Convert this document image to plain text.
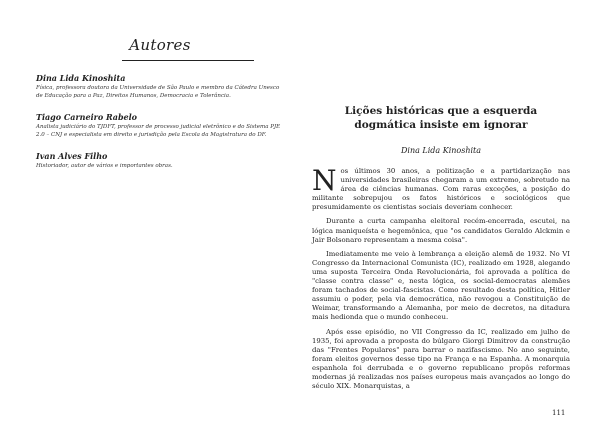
Autores
Dina Lida Kinoshita
Física, professora doutora da Universidade de São Paulo e membro da Cátedra Unesco de Educação para a Paz, Direitos Humanos, Democracia e Tolerância.
Tiago Carneiro Rabelo
Analista judiciário do TJDFT, professor de processo judicial eletrônico e do Sistema PJE 2.0 – CNJ e especialista em direito e jurisdição pela Escola da Magistratura do DF.
Ivan Alves Filho
Historiador, autor de vários e importantes obras.
Lições históricas que a esquerda dogmática insiste em ignorar
Dina Lida Kinoshita

Nos últimos 30 anos, a politização e a partidarização nas universidades brasileiras chegaram a um extremo, sobretudo na área de ciências humanas. Com raras exceções, a posição do militante sobrepujou os fatos históricos e sociológicos que presumidamente os cientistas sociais deveriam conhecer.

Durante a curta campanha eleitoral recém-encerrada, escutei, na lógica maniqueísta e hegemônica, que "os candidatos Geraldo Alckmin e Jair Bolsonaro representam a mesma coisa".

Imediatamente me veio à lembrança a eleição alemã de 1932. No VI Congresso da Internacional Comunista (IC), realizado em 1928, alegando uma suposta Terceira Onda Revolucionária, foi aprovada a política de "classe contra classe" e, nesta lógica, os social-democratas alemães foram tachados de social-fascistas. Como resultado desta política, Hitler assumiu o poder, pela via democrática, não revogou a Constituição de Weimar, transformando a Alemanha, por meio de decretos, na ditadura mais hedionda que o mundo conheceu.

Após esse episódio, no VII Congresso da IC, realizado em julho de 1935, foi aprovada a proposta do búlgaro Giorgi Dimitrov da construção das "Frentes Populares" para barrar o nazifascismo. No ano seguinte, foram eleitos governos desse tipo na França e na Espanha. A monarquia espanhola foi derrubada e o governo republicano propôs reformas modernas já realizadas nos países europeus mais avançados ao longo do século XIX. Monarquistas, a

111
